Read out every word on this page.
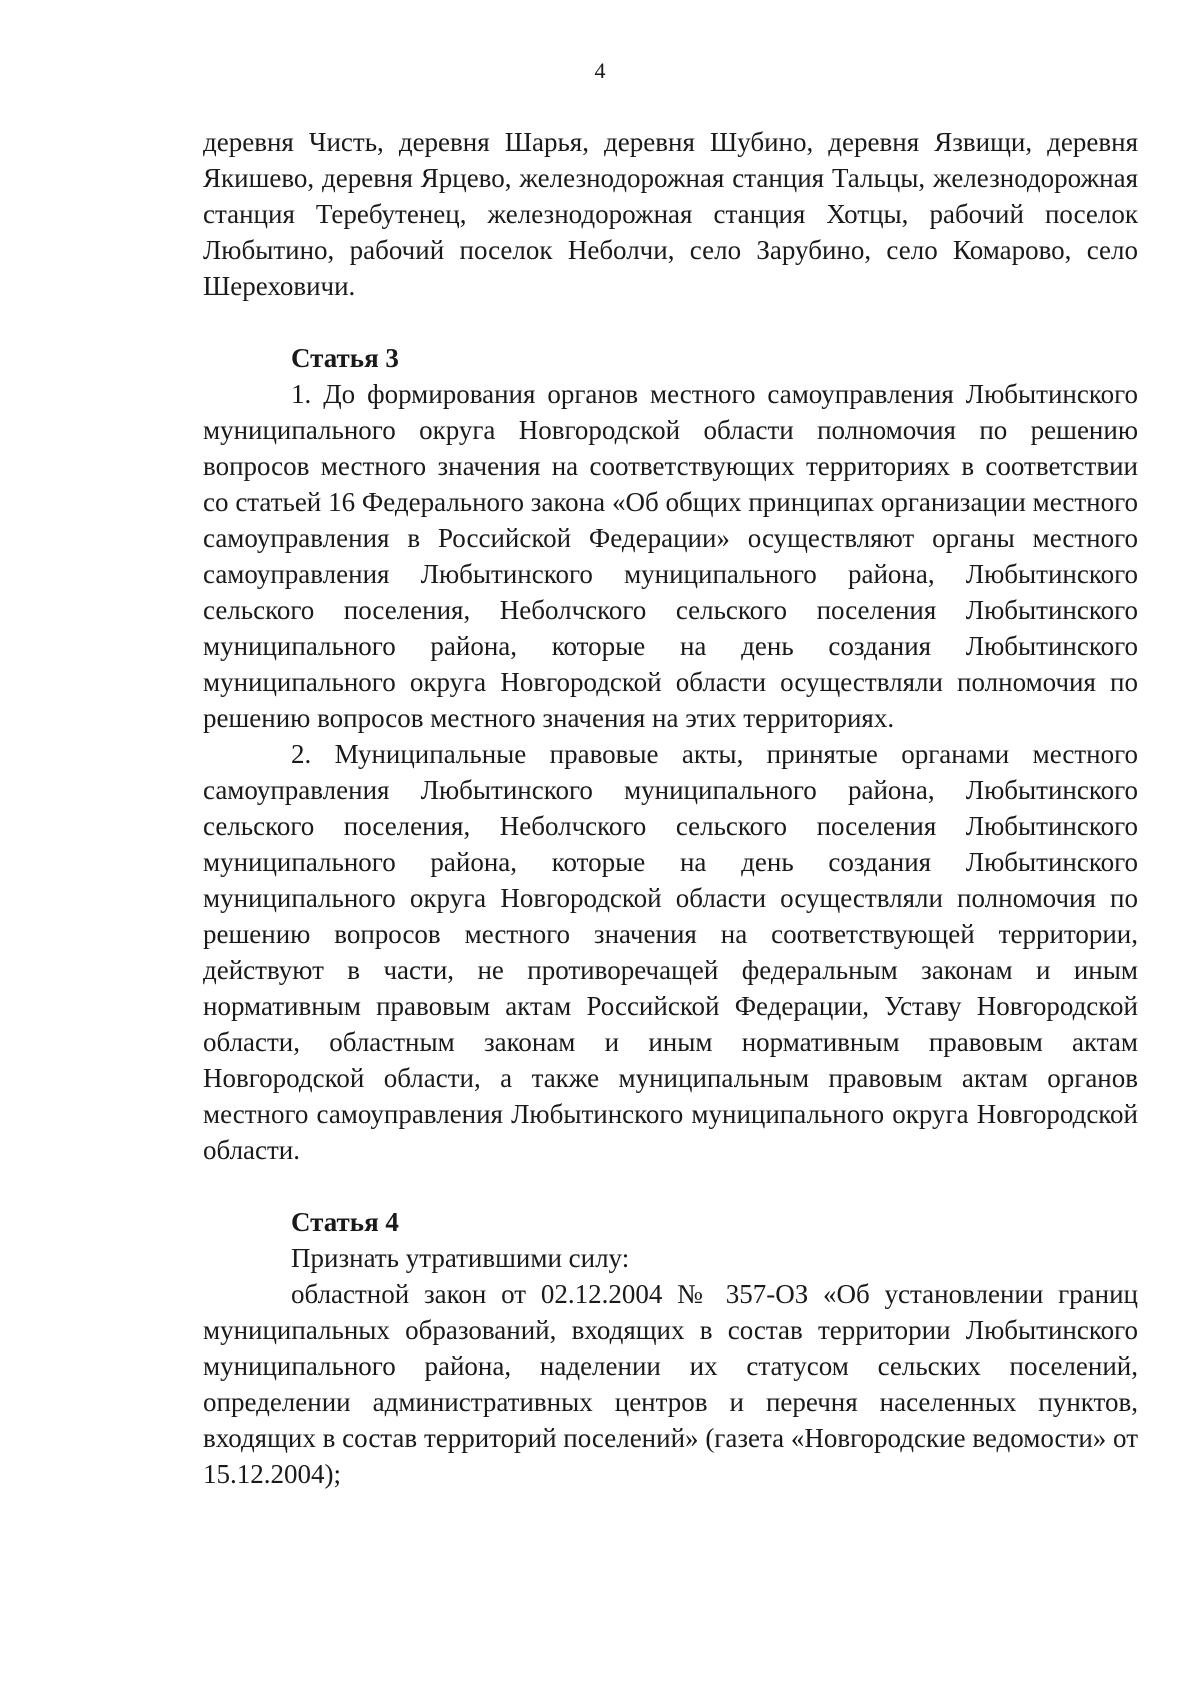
4

деревня Чисть, деревня Шарья, деревня Шубино, деревня Язвищи, деревня Якишево, деревня Ярцево, железнодорожная станция Тальцы, железнодорожная станция Теребутенец, железнодорожная станция Хотцы, рабочий поселок Любытино, рабочий поселок Неболчи, село Зарубино, село Комарово, село Шереховичи.

Статья 3

1. До формирования органов местного самоуправления Любытинского муниципального округа Новгородской области полномочия по решению вопросов местного значения на соответствующих территориях в соответствии со статьей 16 Федерального закона «Об общих принципах организации местного самоуправления в Российской Федерации» осуществляют органы местного самоуправления Любытинского муниципального района, Любытинского сельского поселения, Неболчского сельского поселения Любытинского муниципального района, которые на день создания Любытинского муниципального округа Новгородской области осуществляли полномочия по решению вопросов местного значения на этих территориях.

2. Муниципальные правовые акты, принятые органами местного самоуправления Любытинского муниципального района, Любытинского сельского поселения, Неболчского сельского поселения Любытинского муниципального района, которые на день создания Любытинского муниципального округа Новгородской области осуществляли полномочия по решению вопросов местного значения на соответствующей территории, действуют в части, не противоречащей федеральным законам и иным нормативным правовым актам Российской Федерации, Уставу Новгородской области, областным законам и иным нормативным правовым актам Новгородской области, а также муниципальным правовым актам органов местного самоуправления Любытинского муниципального округа Новгородской области.

Статья 4

Признать утратившими силу:

областной закон от 02.12.2004 № 357-ОЗ «Об установлении границ муниципальных образований, входящих в состав территории Любытинского муниципального района, наделении их статусом сельских поселений, определении административных центров и перечня населенных пунктов, входящих в состав территорий поселений» (газета «Новгородские ведомости» от 15.12.2004);
